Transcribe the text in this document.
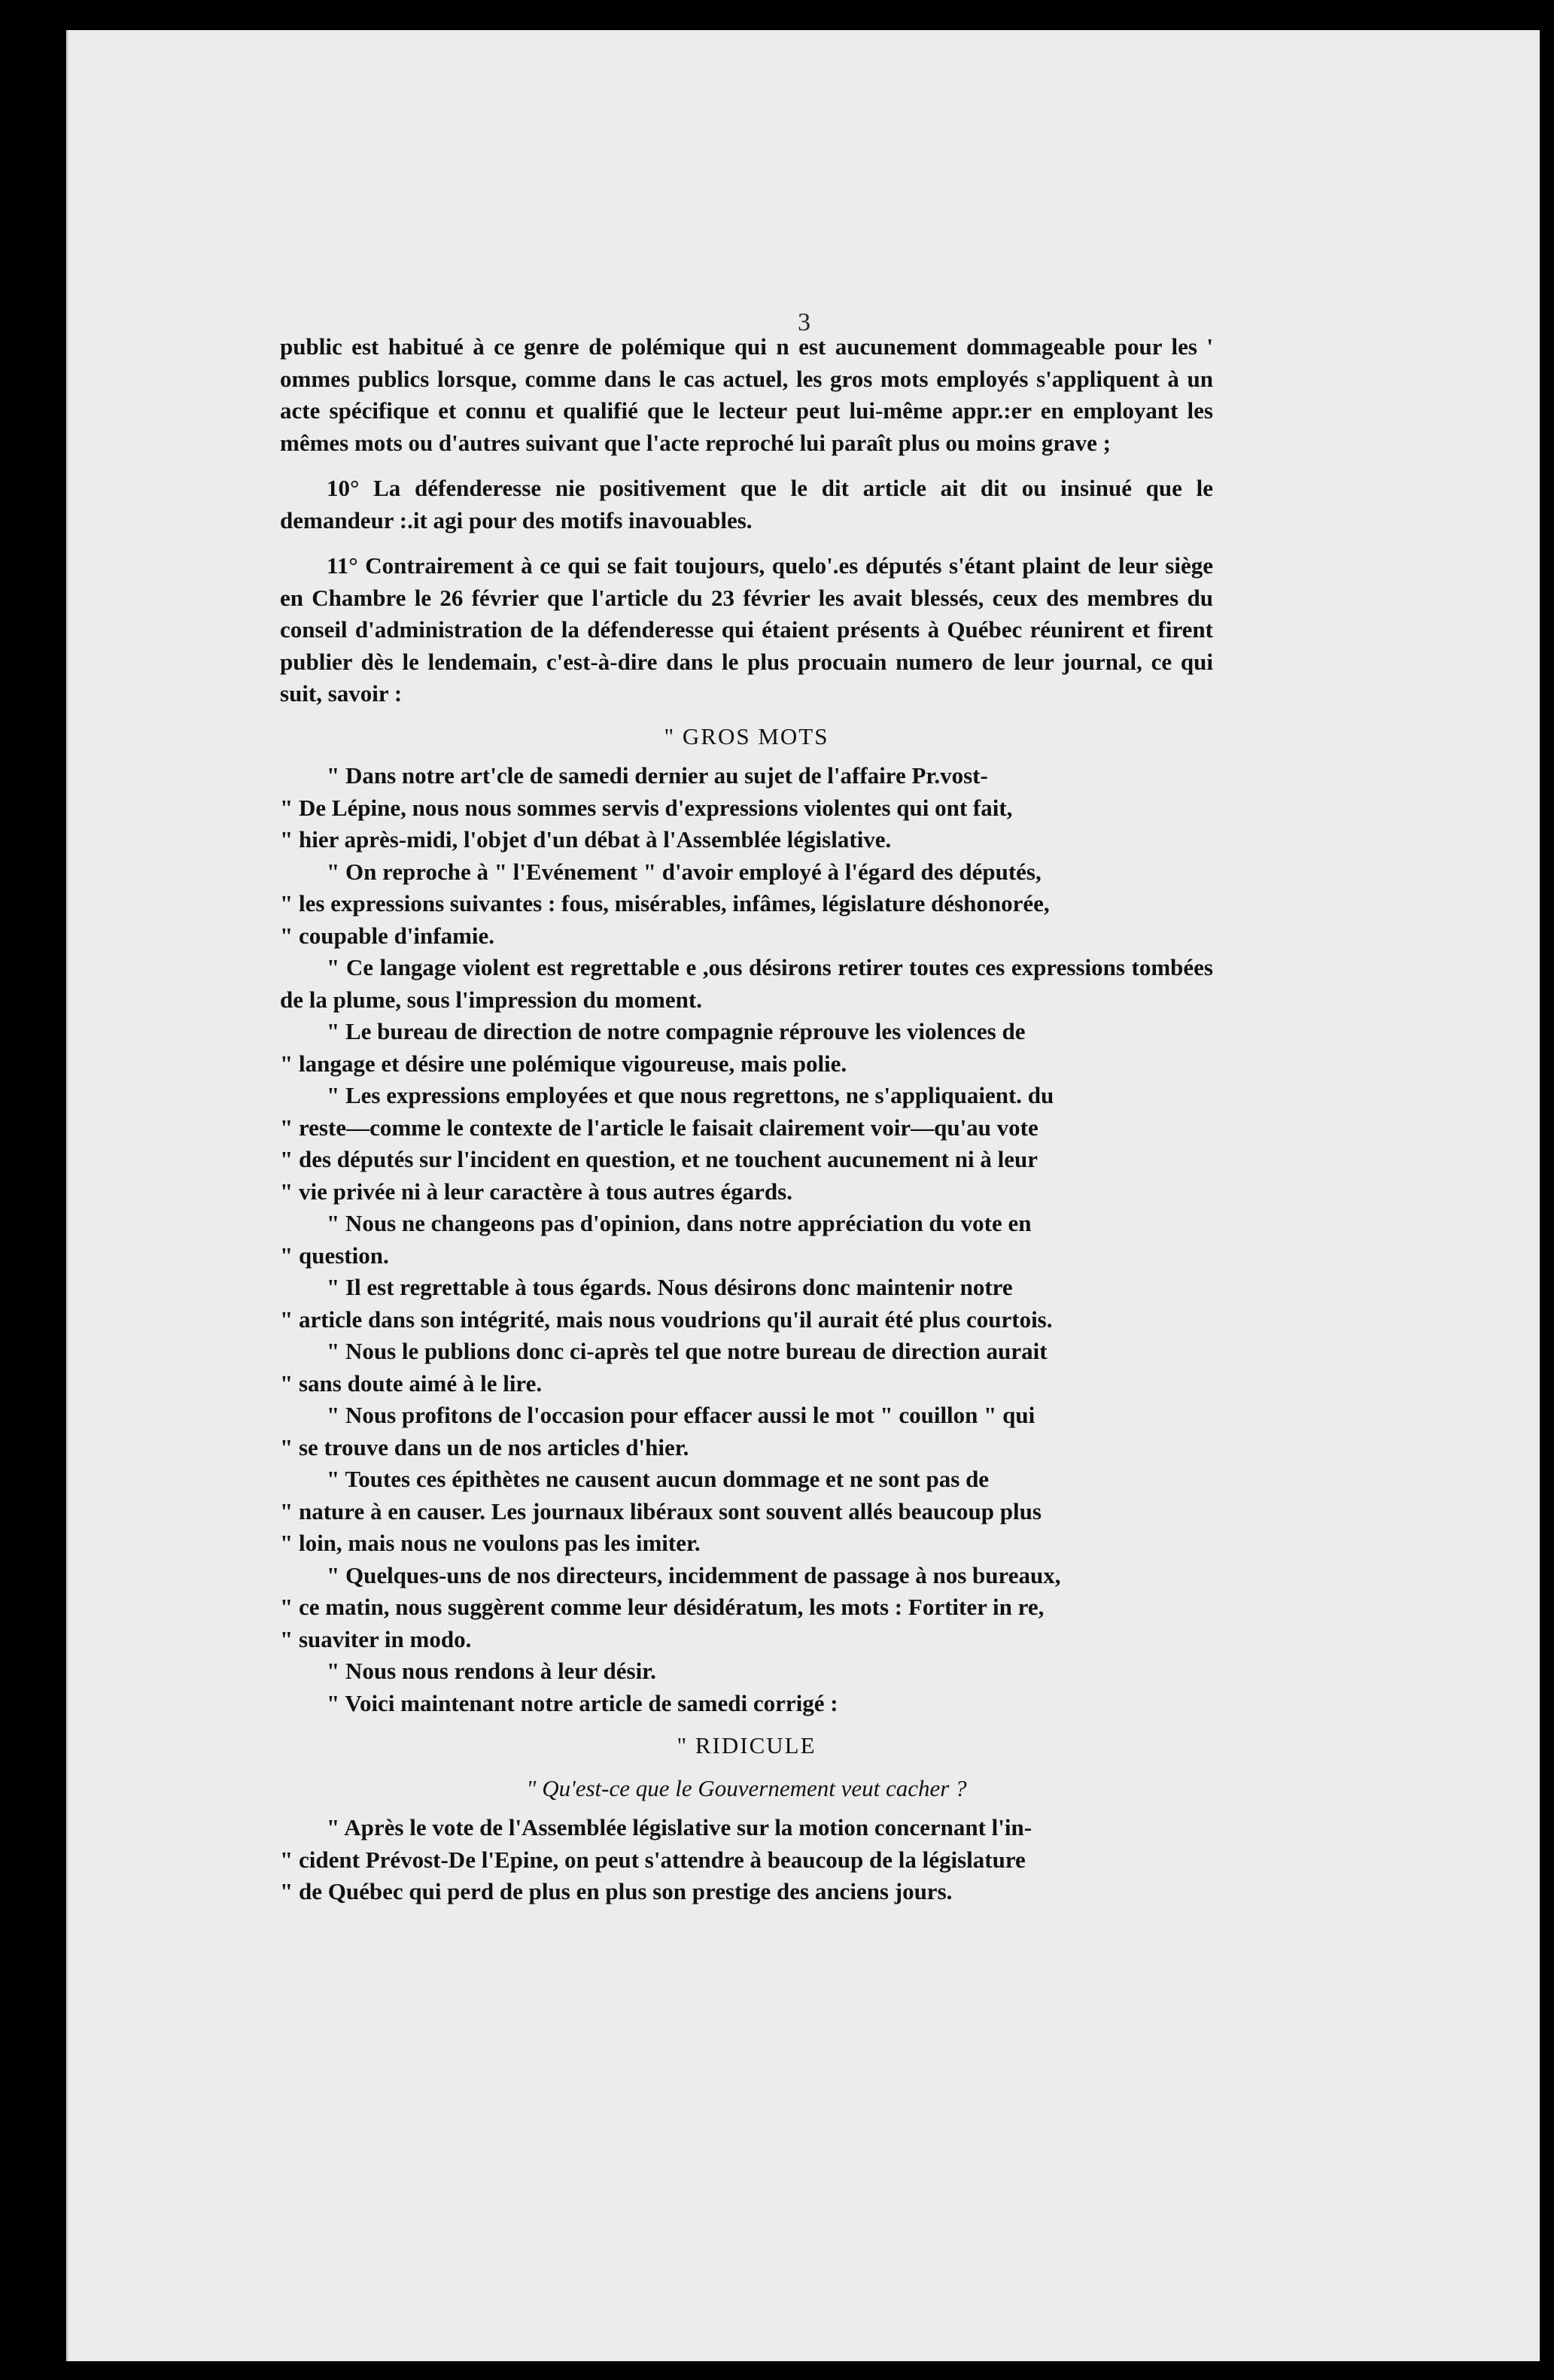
3

public est habitué à ce genre de polémique qui n est aucunement dommageable pour les ' ommes publics lorsque, comme dans le cas actuel, les gros mots employés s'appliquent à un acte spécifique et connu et qualifié que le lecteur peut lui-même appr.:er en employant les mêmes mots ou d'autres suivant que l'acte reproché lui paraît plus ou moins grave ;

10° La défenderesse nie positivement que le dit article ait dit ou insinué que le demandeur :.it agi pour des motifs inavouables.

11° Contrairement à ce qui se fait toujours, quelo'.es députés s'étant plaint de leur siège en Chambre le 26 février que l'article du 23 février les avait blessés, ceux des membres du conseil d'administration de la défenderesse qui étaient présents à Québec réunirent et firent publier dès le lendemain, c'est-à-dire dans le plus procuain numero de leur journal, ce qui suit, savoir :

" GROS MOTS

" Dans notre art'cle de samedi dernier au sujet de l'affaire Pr.vost-

" De Lépine, nous nous sommes servis d'expressions violentes qui ont fait,

" hier après-midi, l'objet d'un débat à l'Assemblée législative.

" On reproche à " l'Evénement " d'avoir employé à l'égard des députés,

" les expressions suivantes : fous, misérables, infâmes, législature déshonorée,

" coupable d'infamie.

" Ce langage violent est regrettable e ,ous désirons retirer toutes ces expressions tombées de la plume, sous l'impression du moment.

" Le bureau de direction de notre compagnie réprouve les violences de

" langage et désire une polémique vigoureuse, mais polie.

" Les expressions employées et que nous regrettons, ne s'appliquaient. du

" reste—comme le contexte de l'article le faisait clairement voir—qu'au vote

" des députés sur l'incident en question, et ne touchent aucunement ni à leur

" vie privée ni à leur caractère à tous autres égards.

" Nous ne changeons pas d'opinion, dans notre appréciation du vote en

" question.

" Il est regrettable à tous égards. Nous désirons donc maintenir notre

" article dans son intégrité, mais nous voudrions qu'il aurait été plus courtois.

" Nous le publions donc ci-après tel que notre bureau de direction aurait

" sans doute aimé à le lire.

" Nous profitons de l'occasion pour effacer aussi le mot " couillon " qui

" se trouve dans un de nos articles d'hier.

" Toutes ces épithètes ne causent aucun dommage et ne sont pas de

" nature à en causer. Les journaux libéraux sont souvent allés beaucoup plus

" loin, mais nous ne voulons pas les imiter.

" Quelques-uns de nos directeurs, incidemment de passage à nos bureaux,

" ce matin, nous suggèrent comme leur désidératum, les mots : Fortiter in re,

" suaviter in modo.

" Nous nous rendons à leur désir.

" Voici maintenant notre article de samedi corrigé :

" RIDICULE

" Qu'est-ce que le Gouvernement veut cacher ?

" Après le vote de l'Assemblée législative sur la motion concernant l'in-

" cident Prévost-De l'Epine, on peut s'attendre à beaucoup de la législature

" de Québec qui perd de plus en plus son prestige des anciens jours.
